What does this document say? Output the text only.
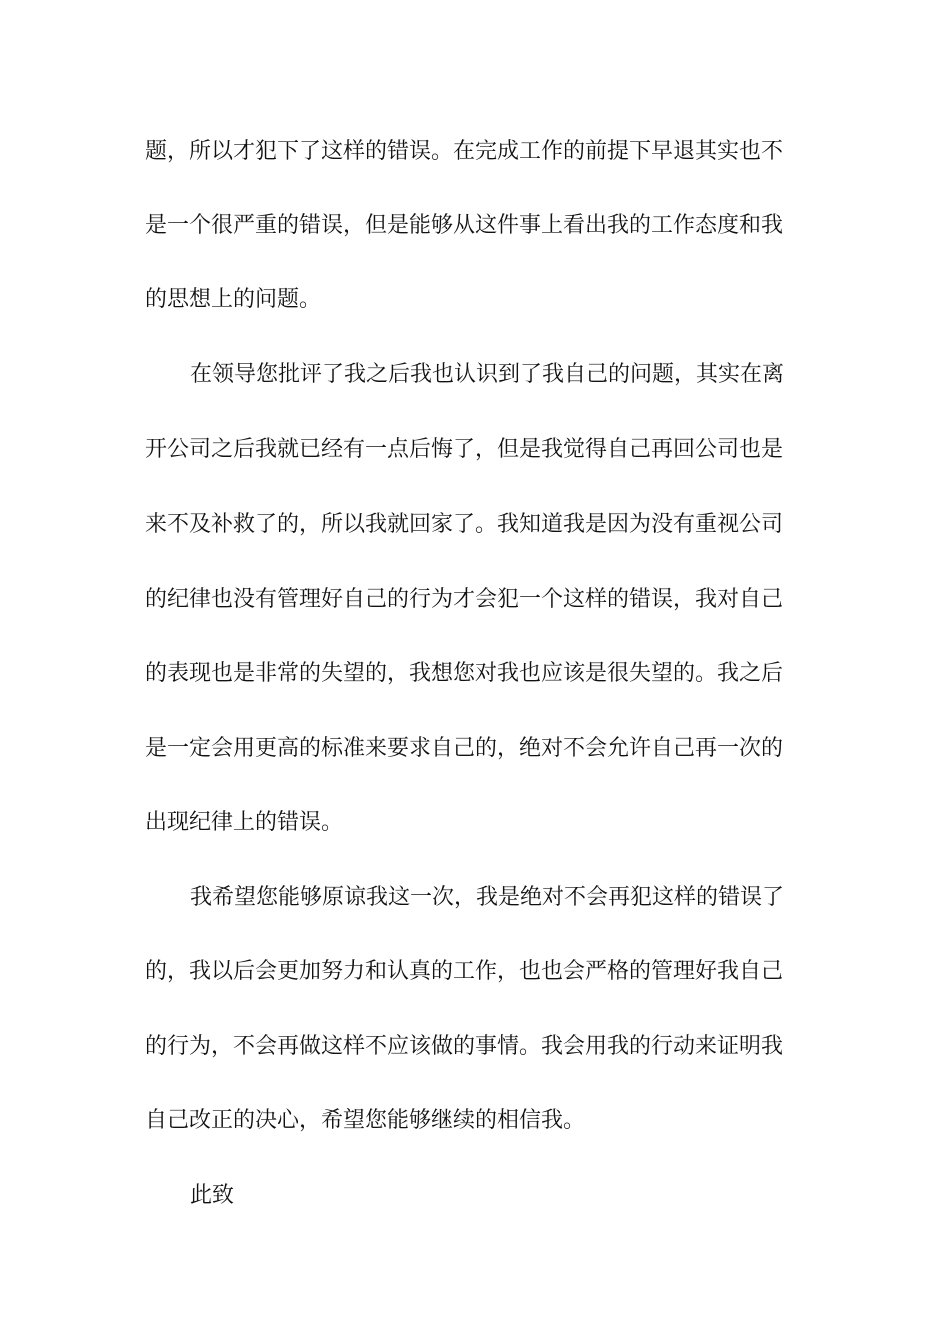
题，所以才犯下了这样的错误。在完成工作的前提下早退其实也不
是一个很严重的错误，但是能够从这件事上看出我的工作态度和我
的思想上的问题。
在领导您批评了我之后我也认识到了我自己的问题，其实在离
开公司之后我就已经有一点后悔了，但是我觉得自己再回公司也是
来不及补救了的，所以我就回家了。我知道我是因为没有重视公司
的纪律也没有管理好自己的行为才会犯一个这样的错误，我对自己
的表现也是非常的失望的，我想您对我也应该是很失望的。我之后
是一定会用更高的标准来要求自己的，绝对不会允许自己再一次的
出现纪律上的错误。
我希望您能够原谅我这一次，我是绝对不会再犯这样的错误了
的，我以后会更加努力和认真的工作，也也会严格的管理好我自己
的行为，不会再做这样不应该做的事情。我会用我的行动来证明我
自己改正的决心，希望您能够继续的相信我。
此致
